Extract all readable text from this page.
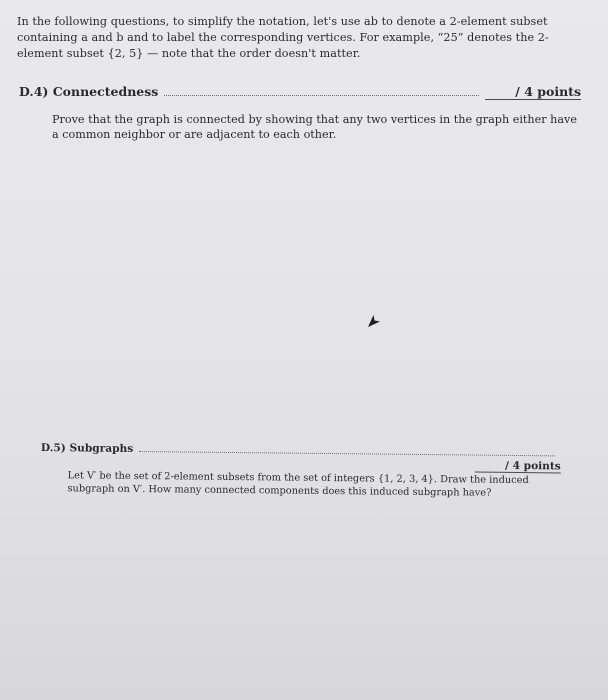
In the following questions, to simplify the notation, let's use ab to denote a 2-element subset containing a and b and to label the corresponding vertices. For example, “25” denotes the 2-element subset {2, 5} — note that the order doesn't matter.
D.4) Connectedness	/ 4 points
Prove that the graph is connected by showing that any two vertices in the graph either have a common neighbor or are adjacent to each other.
D.5) Subgraphs
/ 4 points
Let V′ be the set of 2-element subsets from the set of integers {1, 2, 3, 4}. Draw the induced subgraph on V′. How many connected components does this induced subgraph have?
